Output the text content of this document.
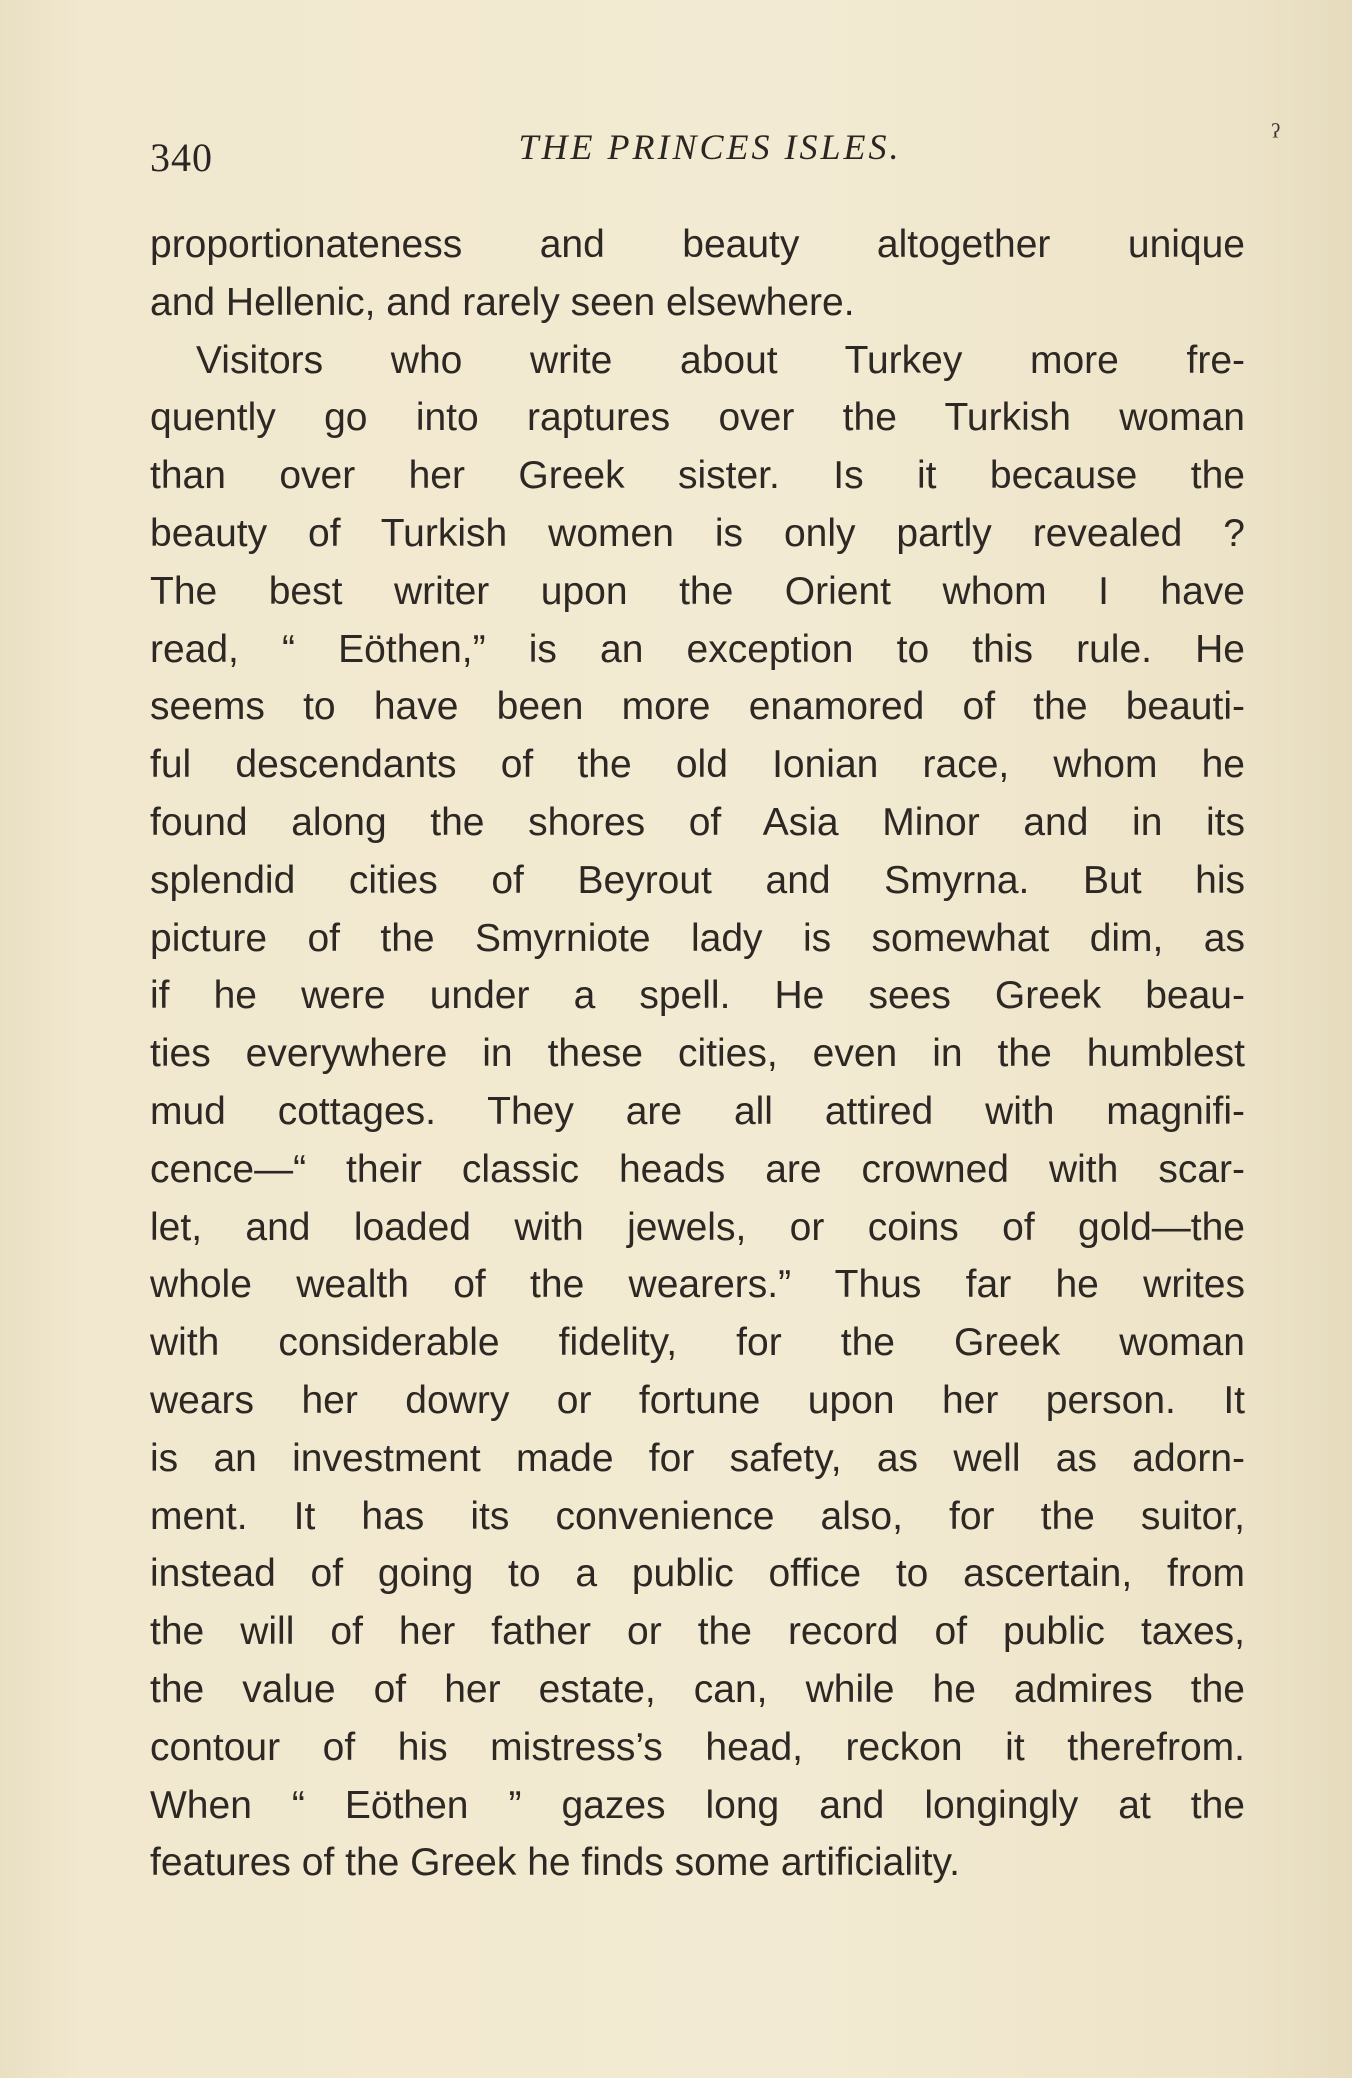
340	THE PRINCES ISLES.	ˀ
proportionateness and beauty altogether unique
and Hellenic, and rarely seen elsewhere.
Visitors who write about Turkey more fre-
quently go into raptures over the Turkish woman
than over her Greek sister. Is it because the
beauty of Turkish women is only partly revealed ?
The best writer upon the Orient whom I have
read, “ Eöthen,” is an exception to this rule. He
seems to have been more enamored of the beauti-
ful descendants of the old Ionian race, whom he
found along the shores of Asia Minor and in its
splendid cities of Beyrout and Smyrna. But his
picture of the Smyrniote lady is somewhat dim, as
if he were under a spell. He sees Greek beau-
ties everywhere in these cities, even in the humblest
mud cottages. They are all attired with magnifi-
cence—“ their classic heads are crowned with scar-
let, and loaded with jewels, or coins of gold—the
whole wealth of the wearers.” Thus far he writes
with considerable fidelity, for the Greek woman
wears her dowry or fortune upon her person. It
is an investment made for safety, as well as adorn-
ment. It has its convenience also, for the suitor,
instead of going to a public office to ascertain, from
the will of her father or the record of public taxes,
the value of her estate, can, while he admires the
contour of his mistress’s head, reckon it therefrom.
When “ Eöthen ” gazes long and longingly at the
features of the Greek he finds some artificiality.
